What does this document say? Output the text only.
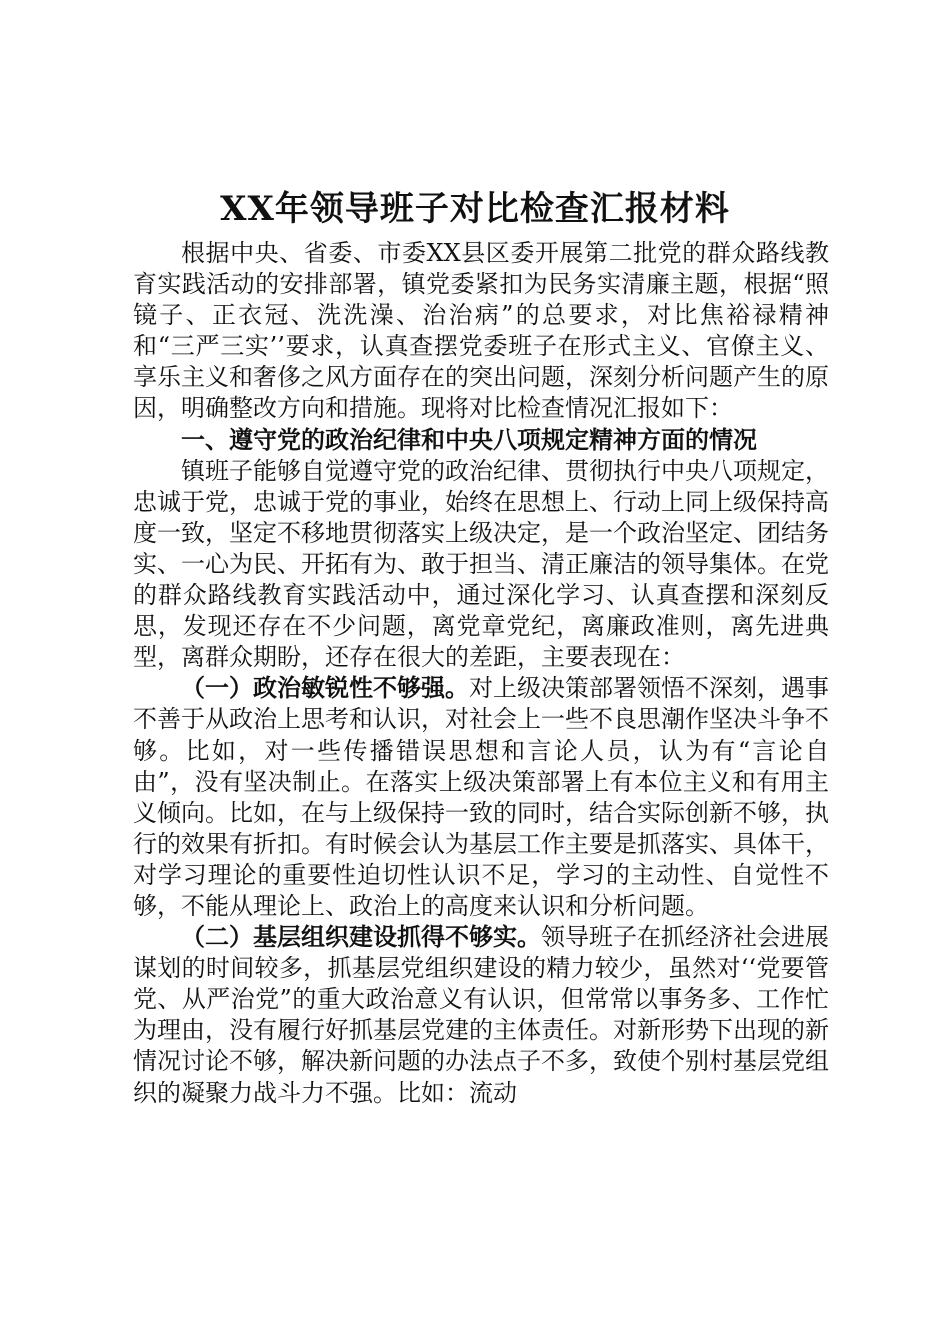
XX年领导班子对比检查汇报材料

根据中央、省委、市委XX县区委开展第二批党的群众路线教育实践活动的安排部署，镇党委紧扣为民务实清廉主题，根据“照镜子、正衣冠、洗洗澡、治治病”的总要求，对比焦裕禄精神和“三严三实’’要求，认真查摆党委班子在形式主义、官僚主义、享乐主义和奢侈之风方面存在的突出问题，深刻分析问题产生的原因，明确整改方向和措施。现将对比检查情况汇报如下：

一、遵守党的政治纪律和中央八项规定精神方面的情况

镇班子能够自觉遵守党的政治纪律、贯彻执行中央八项规定，忠诚于党，忠诚于党的事业，始终在思想上、行动上同上级保持高度一致，坚定不移地贯彻落实上级决定，是一个政治坚定、团结务实、一心为民、开拓有为、敢于担当、清正廉洁的领导集体。在党的群众路线教育实践活动中，通过深化学习、认真查摆和深刻反思，发现还存在不少问题，离党章党纪，离廉政准则，离先进典型，离群众期盼，还存在很大的差距，主要表现在：

（一）政治敏锐性不够强。对上级决策部署领悟不深刻，遇事不善于从政治上思考和认识，对社会上一些不良思潮作坚决斗争不够。比如，对一些传播错误思想和言论人员，认为有“言论自由”，没有坚决制止。在落实上级决策部署上有本位主义和有用主义倾向。比如，在与上级保持一致的同时，结合实际创新不够，执行的效果有折扣。有时候会认为基层工作主要是抓落实、具体干，对学习理论的重要性迫切性认识不足，学习的主动性、自觉性不够，不能从理论上、政治上的高度来认识和分析问题。

（二）基层组织建设抓得不够实。领导班子在抓经济社会进展谋划的时间较多，抓基层党组织建设的精力较少，虽然对‘‘党要管党、从严治党”的重大政治意义有认识，但常常以事务多、工作忙为理由，没有履行好抓基层党建的主体责任。对新形势下出现的新情况讨论不够，解决新问题的办法点子不多，致使个别村基层党组织的凝聚力战斗力不强。比如：流动
